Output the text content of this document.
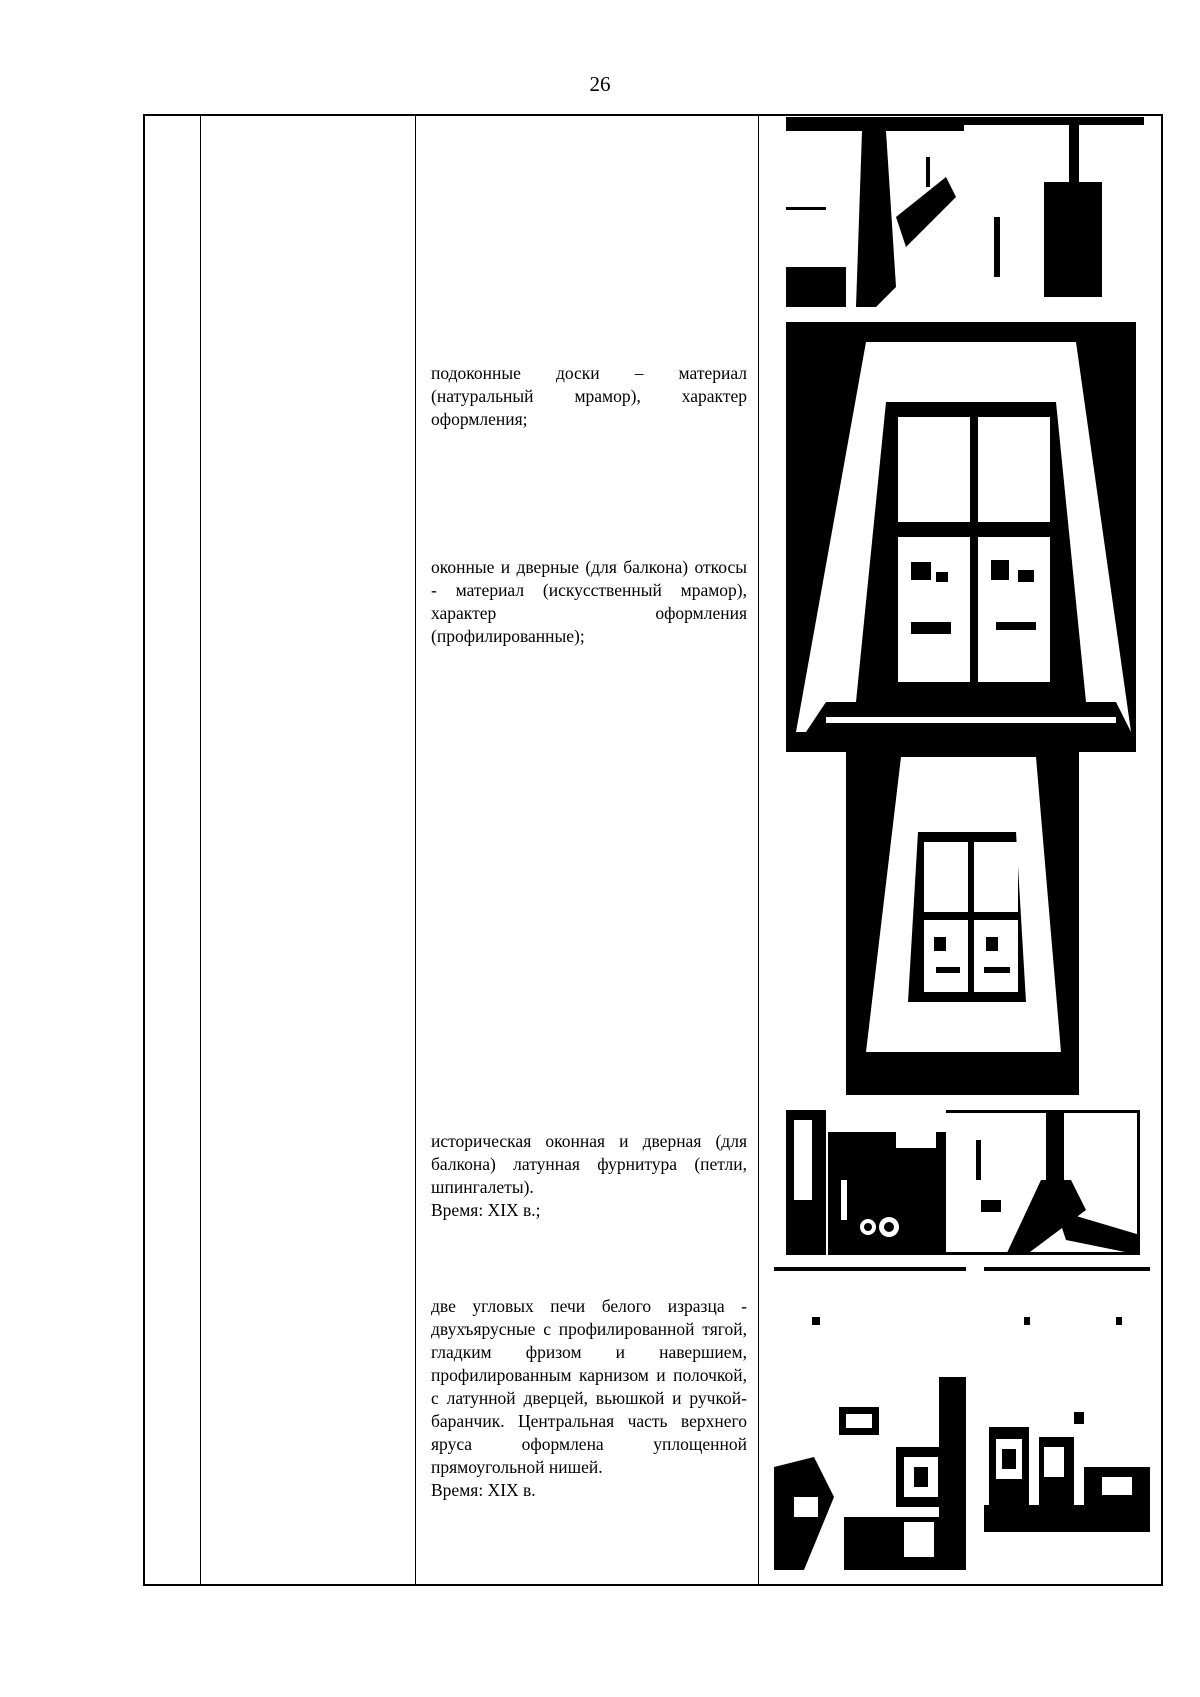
26

подоконные доски – материал (натуральный мрамор), характер оформления;

оконные и дверные (для балкона) откосы - материал (искусственный мрамор), характер оформления (профилированные);

историческая оконная и дверная (для балкона) латунная фурнитура (петли, шпингалеты).

Время: XIX в.;

две угловых печи белого изразца - двухъярусные с профилированной тягой, гладким фризом и навершием, профилированным карнизом и полочкой, с латунной дверцей, вьюшкой и ручкой-баранчик. Центральная часть верхнего яруса оформлена уплощенной прямоугольной нишей.

Время: XIX в.
